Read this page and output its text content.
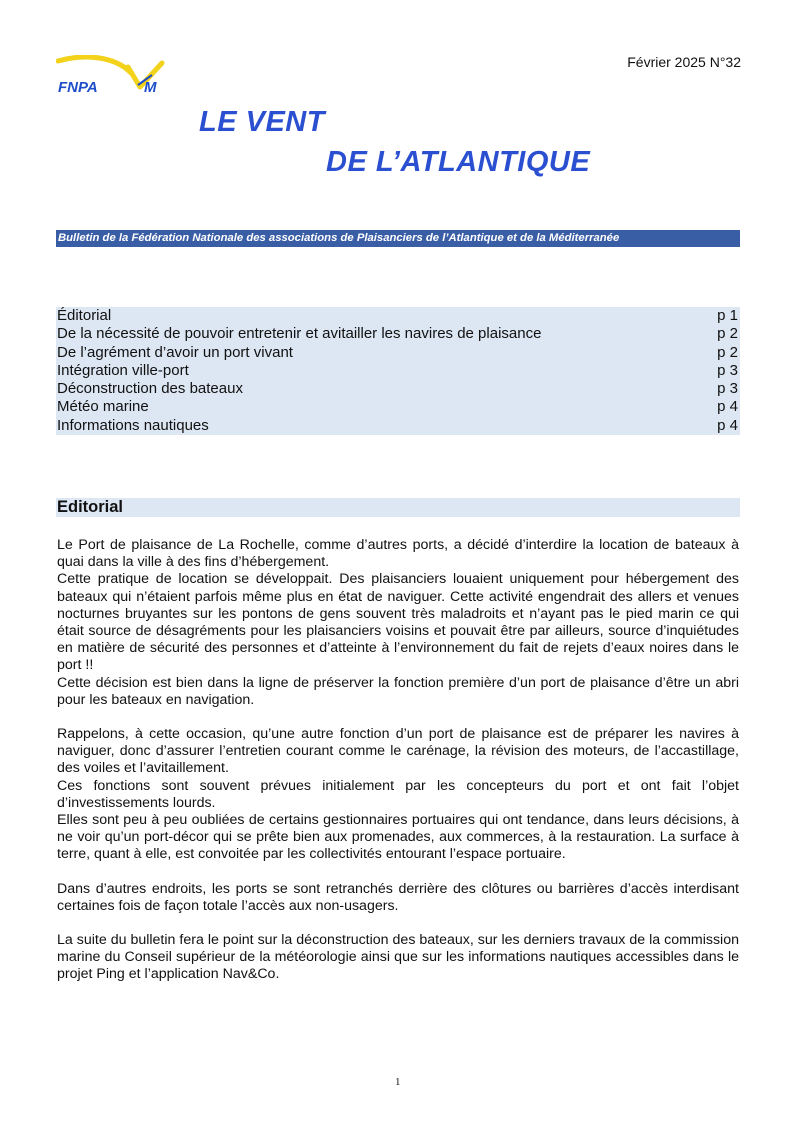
FNPA	M
Février 2025 N°32
LE VENT
DE L’ATLANTIQUE
Bulletin de la Fédération Nationale des associations de Plaisanciers de l’Atlantique et de la Méditerranée
Éditorial	p 1
De la nécessité de pouvoir entretenir et avitailler les navires de plaisance	p 2
De l’agrément d’avoir un port vivant	p 2
Intégration ville-port	p 3
Déconstruction des bateaux	p 3
Météo marine	p 4
Informations nautiques	p 4
Editorial

Le Port de plaisance de La Rochelle, comme d’autres ports, a décidé d’interdire la location de bateaux à quai dans la ville à des fins d’hébergement.

Cette pratique de location se développait. Des plaisanciers louaient uniquement pour hébergement des bateaux qui n’étaient parfois même plus en état de naviguer. Cette activité engendrait des allers et venues nocturnes bruyantes sur les pontons de gens souvent très maladroits et n’ayant pas le pied marin ce qui était source de désagréments pour les plaisanciers voisins et pouvait être par ailleurs, source d’inquiétudes en matière de sécurité des personnes et d’atteinte à l’environnement du fait de rejets d’eaux noires dans le port !!

Cette décision est bien dans la ligne de préserver la fonction première d’un port de plaisance d’être un abri pour les bateaux en navigation.

Rappelons, à cette occasion, qu’une autre fonction d’un port de plaisance est de préparer les navires à naviguer, donc d’assurer l’entretien courant comme le carénage, la révision des moteurs, de l’accastillage, des voiles et l’avitaillement.

Ces fonctions sont souvent prévues initialement par les concepteurs du port et ont fait l’objet d’investissements lourds.

Elles sont peu à peu oubliées de certains gestionnaires portuaires qui ont tendance, dans leurs décisions, à ne voir qu’un port-décor qui se prête bien aux promenades, aux commerces, à la restauration. La surface à terre, quant à elle, est convoitée par les collectivités entourant l’espace portuaire.

Dans d’autres endroits, les ports se sont retranchés derrière des clôtures ou barrières d’accès interdisant certaines fois de façon totale l’accès aux non-usagers.

La suite du bulletin fera le point sur la déconstruction des bateaux, sur les derniers travaux de la commission marine du Conseil supérieur de la météorologie ainsi que sur les informations nautiques accessibles dans le projet Ping et l’application Nav&Co.

1
